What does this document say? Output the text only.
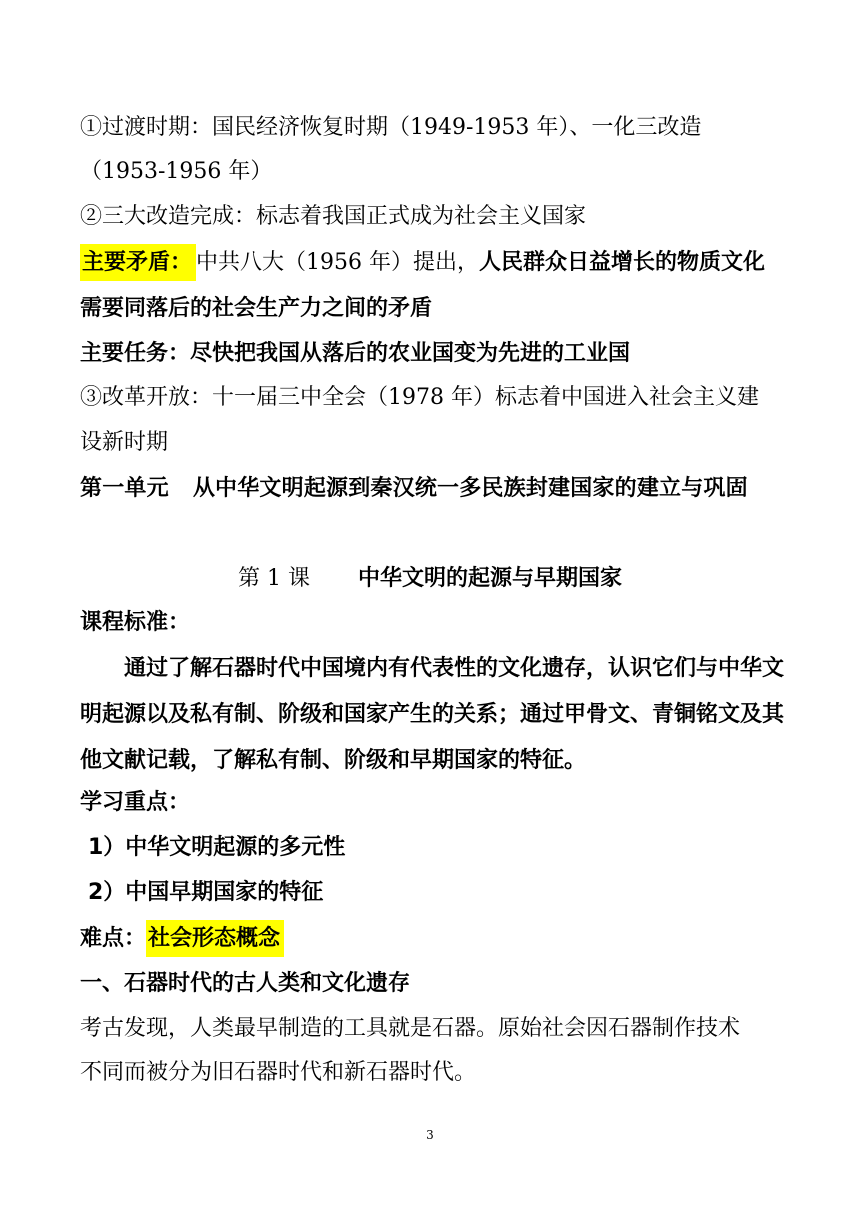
①过渡时期：国民经济恢复时期（1949-1953 年）、一化三改造
（1953-1956 年）
②三大改造完成：标志着我国正式成为社会主义国家
主要矛盾： 中共八大（1956 年）提出，人民群众日益增长的物质文化
需要同落后的社会生产力之间的矛盾
主要任务：尽快把我国从落后的农业国变为先进的工业国
③改革开放：十一届三中全会（1978 年）标志着中国进入社会主义建
设新时期
第一单元 从中华文明起源到秦汉统一多民族封建国家的建立与巩固
第 1 课 中华文明的起源与早期国家
课程标准：
通过了解石器时代中国境内有代表性的文化遗存，认识它们与中华文明起源以及私有制、阶级和国家产生的关系；通过甲骨文、青铜铭文及其他文献记载，了解私有制、阶级和早期国家的特征。
学习重点：
1）中华文明起源的多元性
2）中国早期国家的特征
难点：社会形态概念
一、石器时代的古人类和文化遗存
考古发现，人类最早制造的工具就是石器。原始社会因石器制作技术
不同而被分为旧石器时代和新石器时代。
3
